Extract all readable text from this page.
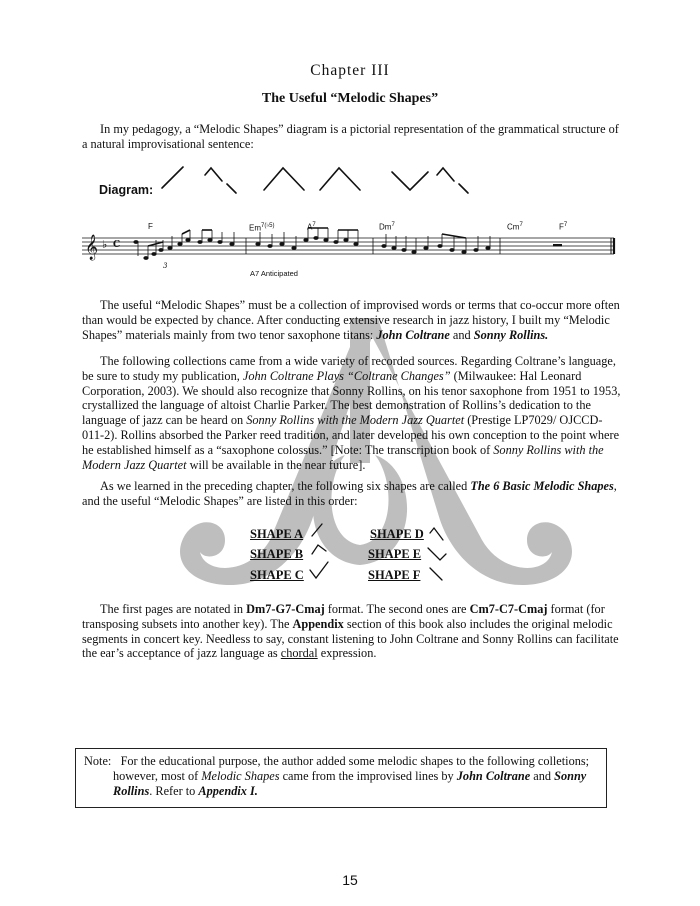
Chapter III
The Useful “Melodic Shapes”

In my pedagogy, a “Melodic Shapes” diagram is a pictorial representation of the grammatical structure of a natural improvisational sentence:

Diagram:
F	$Em^{7(♭5)}$	$A^7$	Dm$^7$	Cm$^7$	$F^7$
𝄞 ♭ C
3
A7 Anticipated

The useful “Melodic Shapes” must be a collection of improvised words or terms that co-occur more often than would be expected by chance. After conducting extensive research in jazz history, I built my “Melodic Shapes” materials mainly from two tenor saxophone titans: John Coltrane and Sonny Rollins.

The following collections came from a wide variety of recorded sources. Regarding Coltrane’s language, be sure to study my publication, John Coltrane Plays “Coltrane Changes” (Milwaukee: Hal Leonard Corporation, 2003). We should also recognize that Sonny Rollins, on his tenor saxophone from 1951 to 1953, crystallized the language of altoist Charlie Parker. The best demonstration of Rollins’s dedication to the language of jazz can be heard on Sonny Rollins with the Modern Jazz Quartet (Prestige LP7029/ OJCCD-011-2). Rollins absorbed the Parker reed tradition, and later developed his own conception to the point where he established himself as a “saxophone colossus.” [Note: The transcription book of Sonny Rollins with the Modern Jazz Quartet will be available in the near future].

As we learned in the preceding chapter, the following six shapes are called The 6 Basic Melodic Shapes, and the useful “Melodic Shapes” are listed in this order:

SHAPE A
SHAPE B
SHAPE C
SHAPE D
SHAPE E
SHAPE F

The first pages are notated in Dm7-G7-Cmaj format. The second ones are Cm7-C7-Cmaj format (for transposing subsets into another key). The Appendix section of this book also includes the original melodic segments in concert key. Needless to say, constant listening to John Coltrane and Sonny Rollins can facilitate the ear’s acceptance of jazz language as chordal expression.

Note: For the educational purpose, the author added some melodic shapes to the following colletions;
however, most of Melodic Shapes came from the improvised lines by John Coltrane and Sonny Rollins. Refer to Appendix I.
15
